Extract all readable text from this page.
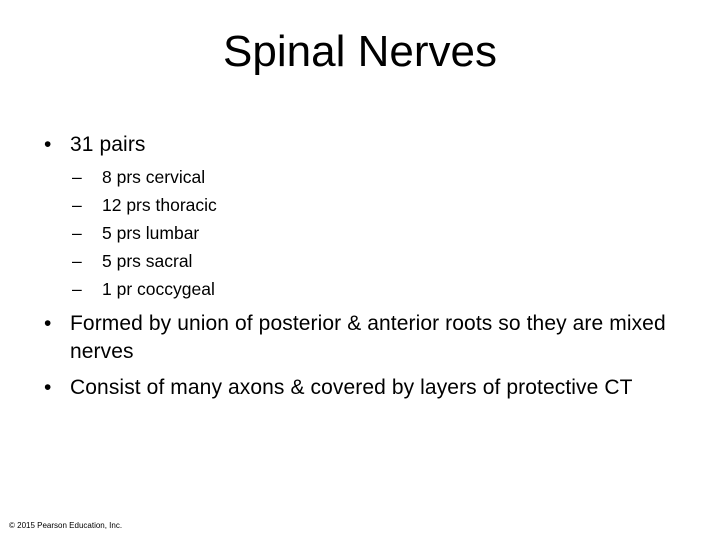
Spinal Nerves
• 31 pairs
–	8 prs cervical
–	12 prs thoracic
–	5 prs lumbar
–	5 prs sacral
–	1 pr coccygeal
• Formed by union of posterior & anterior roots so they are mixed nerves
• Consist of many axons & covered by layers of protective CT
© 2015 Pearson Education, Inc.
